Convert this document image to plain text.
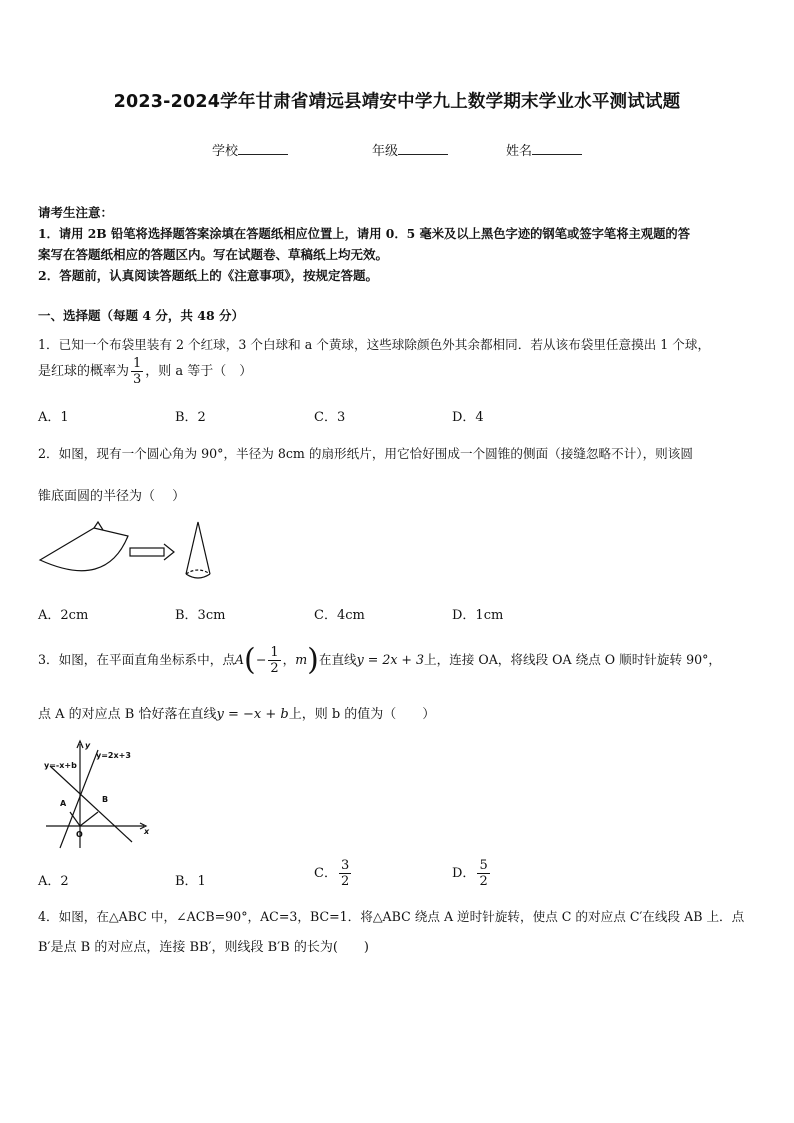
2023-2024学年甘肃省靖远县靖安中学九上数学期末学业水平测试试题
学校	年级	姓名
请考生注意：
1．请用 2B 铅笔将选择题答案涂填在答题纸相应位置上，请用 0．5 毫米及以上黑色字迹的钢笔或签字笔将主观题的答
案写在答题纸相应的答题区内。写在试题卷、草稿纸上均无效。
2．答题前，认真阅读答题纸上的《注意事项》，按规定答题。
一、选择题（每题 4 分，共 48 分）
1．已知一个布袋里装有 2 个红球，3 个白球和 a 个黄球，这些球除颜色外其余都相同．若从该布袋里任意摸出 1 个球，
是红球的概率为 $\frac{1}{3}$ ，则 a 等于（　）
A．1	B．2	C．3	D．4
2．如图，现有一个圆心角为 90°，半径为 8cm 的扇形纸片，用它恰好围成一个圆锥的侧面（接缝忽略不计），则该圆
锥底面圆的半径为（　 ）
A．2cm	B．3cm	C．4cm	D．1cm
3．如图，在平面直角坐标系中，点$A(- \frac{1}{2}$ ，m)在直线y = 2x + 3上，连接 OA，将线段 OA 绕点 O 顺时针旋转 90°，
点 A 的对应点 B 恰好落在直线y = −x + b上，则 b 的值为（　　）
y
x
O
A	B
y=-x+b
y=2x+3
A．2	B．1
C． $\frac{3}{2}$	D． $\frac{5}{2}$
4．如图，在△ABC 中，∠ACB=90°，AC=3，BC=1．将△ABC 绕点 A 逆时针旋转，使点 C 的对应点 C′在线段 AB 上．点
B′是点 B 的对应点，连接 BB′，则线段 B′B 的长为(　　)
